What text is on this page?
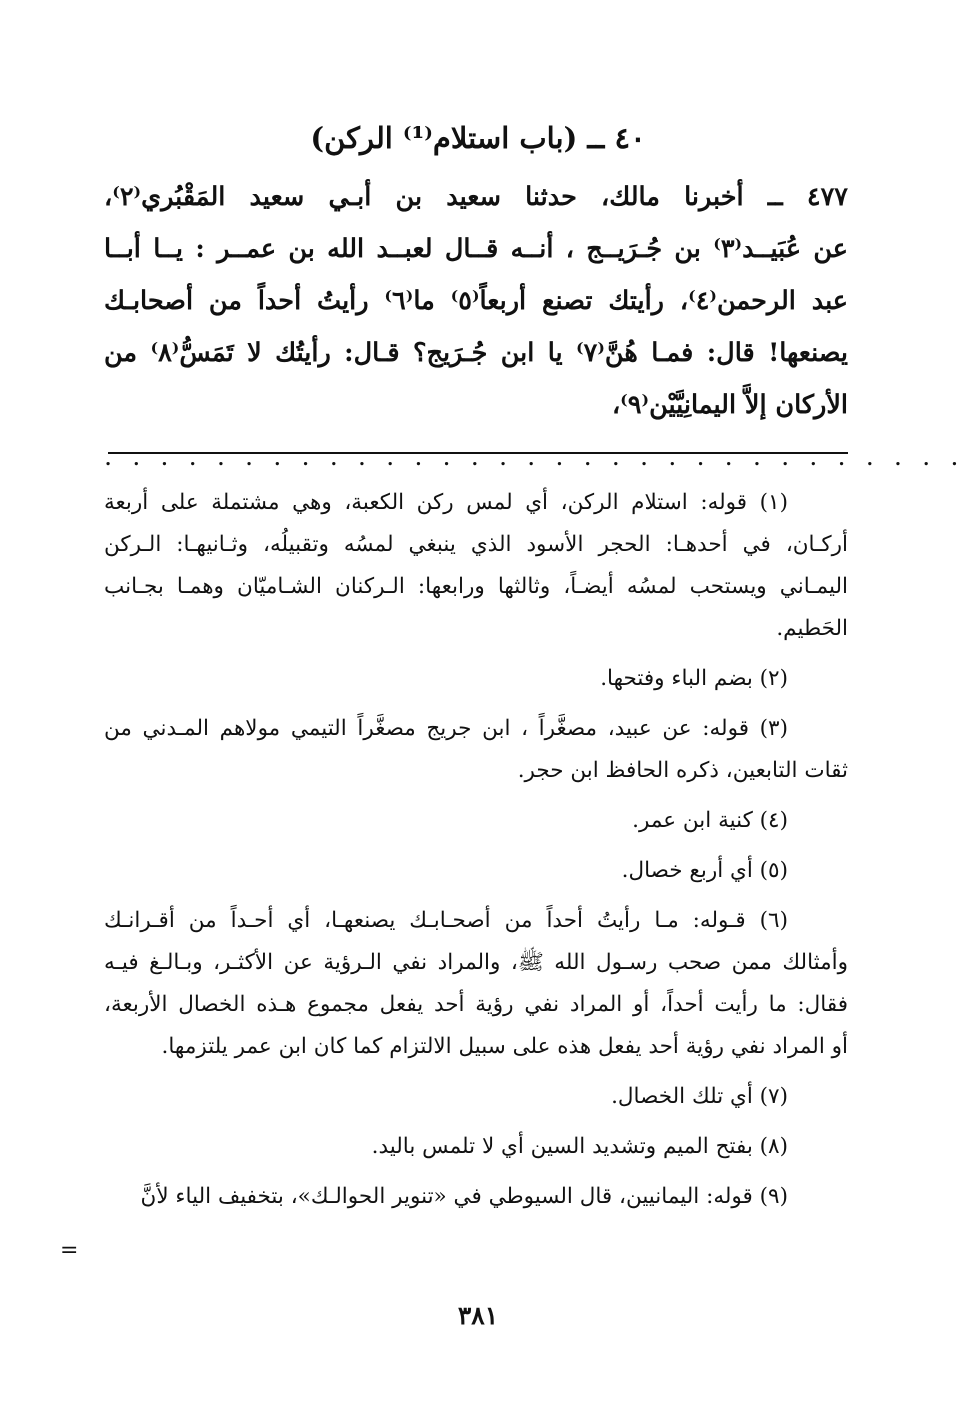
٤٠ ــ (باب استلام⁽¹⁾ الركن)
٤٧٧ ــ أخبرنا مالك، حدثنا سعيد بن أبـي سعيد المَقْبُري⁽٢⁾،
عن عُبَيــد⁽٣⁾ بن جُـرَيــج ، أنــه قــال لعبــد الله بن عمــر : يــا أبــا
عبد الرحمن⁽٤⁾، رأيتك تصنع أربعاً⁽٥⁾ ما⁽٦⁾ رأيتُ أحداً من أصحابـك
يصنعها! قال: فمـا هُنَّ⁽٧⁾ يا ابن جُـرَيج؟ قـال: رأيتُك لا تَمَسُّ⁽٨⁾ من
الأركان إلاَّ اليمانِيَّيْن⁽٩⁾،
. . . . . . . . . . . . . . . . . . . . . . . . . . . . . . .
(١) قوله: استلام الركن، أي لمس ركن الكعبة، وهي مشتملة على أربعة
أركـان، في أحدهـا: الحجر الأسود الذي ينبغي لمسُه وتقبيلُه، وثـانيهـا: الـركن
اليمـاني ويستحب لمسُه أيضـاً، وثالثها ورابعها: الـركنان الشـاميّان وهمـا بجـانب
الحَطيم.
(٢) بضم الباء وفتحها.
(٣) قوله: عن عبيد، مصغَّراً ، ابن جريج مصغَّراً التيمي مولاهم المـدني من
ثقات التابعين، ذكره الحافظ ابن حجر.
(٤) كنية ابن عمر.
(٥) أي أربع خصال.
(٦) قـوله: مـا رأيتُ أحداً من أصحـابـك يصنعهـا، أي أحـداً من أقـرانـك
وأمثالك ممن صحب رسـول الله ﷺ، والمراد نفي الـرؤية عن الأكثـر، وبـالـغ فيـه
فقال: ما رأيت أحداً، أو المراد نفي رؤية أحد يفعل مجموع هـذه الخصال الأربعة،
أو المراد نفي رؤية أحد يفعل هذه على سبيل الالتزام كما كان ابن عمر يلتزمها.
(٧) أي تلك الخصال.
(٨) بفتح الميم وتشديد السين أي لا تلمس باليد.
(٩) قوله: اليمانيين، قال السيوطي في «تنوير الحوالـك»، بتخفيف الياء لأنَّ
=
٣٨١
